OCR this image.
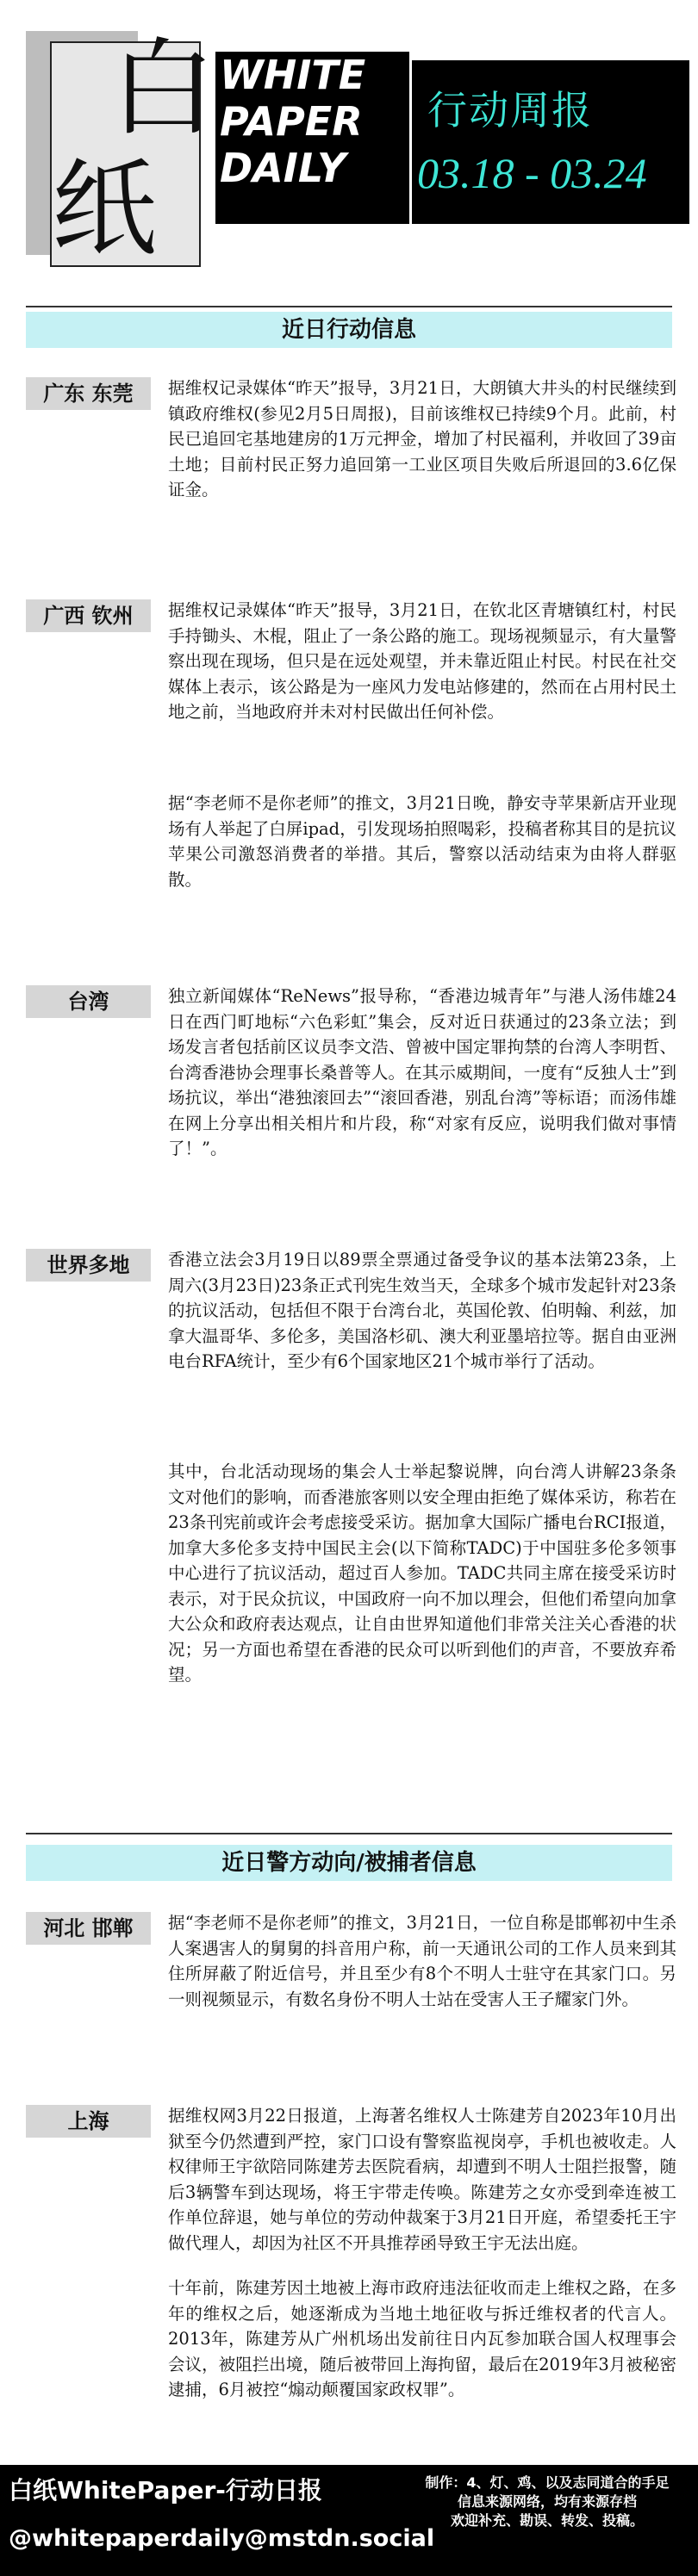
白
纸
WHITE
PAPER
DAILY
行动周报
03.18 - 03.24
近日行动信息
广东 东莞	据维权记录媒体“昨天”报导，3月21日，大朗镇大井头的村民继续到镇政府维权(参见2月5日周报)，目前该维权已持续9个月。此前，村民已追回宅基地建房的1万元押金，增加了村民福利，并收回了39亩土地；目前村民正努力追回第一工业区项目失败后所退回的3.6亿保证金。
广西 钦州	据维权记录媒体“昨天”报导，3月21日，在钦北区青塘镇红村，村民手持锄头、木棍，阻止了一条公路的施工。现场视频显示，有大量警察出现在现场，但只是在远处观望，并未靠近阻止村民。村民在社交媒体上表示，该公路是为一座风力发电站修建的，然而在占用村民土地之前，当地政府并未对村民做出任何补偿。
据“李老师不是你老师”的推文，3月21日晚，静安寺苹果新店开业现场有人举起了白屏ipad，引发现场拍照喝彩，投稿者称其目的是抗议苹果公司激怒消费者的举措。其后，警察以活动结束为由将人群驱散。
台湾	独立新闻媒体“ReNews”报导称，“香港边城青年”与港人汤伟雄24日在西门町地标“六色彩虹”集会，反对近日获通过的23条立法；到场发言者包括前区议员李文浩、曾被中国定罪拘禁的台湾人李明哲、台湾香港协会理事长桑普等人。在其示威期间，一度有“反独人士”到场抗议，举出“港独滚回去”“滚回香港，别乱台湾”等标语；而汤伟雄在网上分享出相关相片和片段，称“对家有反应，说明我们做对事情了！”。
世界多地	香港立法会3月19日以89票全票通过备受争议的基本法第23条，上周六(3月23日)23条正式刊宪生效当天，全球多个城市发起针对23条的抗议活动，包括但不限于台湾台北，英国伦敦、伯明翰、利兹，加拿大温哥华、多伦多，美国洛杉矶、澳大利亚墨培拉等。据自由亚洲电台RFA统计，至少有6个国家地区21个城市举行了活动。
其中，台北活动现场的集会人士举起黎说牌，向台湾人讲解23条条文对他们的影响，而香港旅客则以安全理由拒绝了媒体采访，称若在23条刊宪前或许会考虑接受采访。据加拿大国际广播电台RCI报道，加拿大多伦多支持中国民主会(以下简称TADC)于中国驻多伦多领事中心进行了抗议活动，超过百人参加。TADC共同主席在接受采访时表示，对于民众抗议，中国政府一向不加以理会，但他们希望向加拿大公众和政府表达观点，让自由世界知道他们非常关注关心香港的状况；另一方面也希望在香港的民众可以听到他们的声音，不要放弃希望。
近日警方动向/被捕者信息
河北 邯郸	据“李老师不是你老师”的推文，3月21日，一位自称是邯郸初中生杀人案遇害人的舅舅的抖音用户称，前一天通讯公司的工作人员来到其住所屏蔽了附近信号，并且至少有8个不明人士驻守在其家门口。另一则视频显示，有数名身份不明人士站在受害人王子耀家门外。
上海	据维权网3月22日报道，上海著名维权人士陈建芳自2023年10月出狱至今仍然遭到严控，家门口设有警察监视岗亭，手机也被收走。人权律师王宇欲陪同陈建芳去医院看病，却遭到不明人士阻拦报警，随后3辆警车到达现场，将王宇带走传唤。陈建芳之女亦受到牵连被工作单位辞退，她与单位的劳动仲裁案于3月21日开庭，希望委托王宇做代理人，却因为社区不开具推荐函导致王宇无法出庭。
十年前，陈建芳因土地被上海市政府违法征收而走上维权之路，在多年的维权之后，她逐渐成为当地土地征收与拆迁维权者的代言人。2013年，陈建芳从广州机场出发前往日内瓦参加联合国人权理事会会议，被阻拦出境，随后被带回上海拘留，最后在2019年3月被秘密逮捕，6月被控“煽动颠覆国家政权罪”。
白纸WhitePaper-行动日报
@whitepaperdaily@mstdn.social
制作：4、灯、鸡、以及志同道合的手足
信息来源网络，均有来源存档
欢迎补充、勘误、转发、投稿。
